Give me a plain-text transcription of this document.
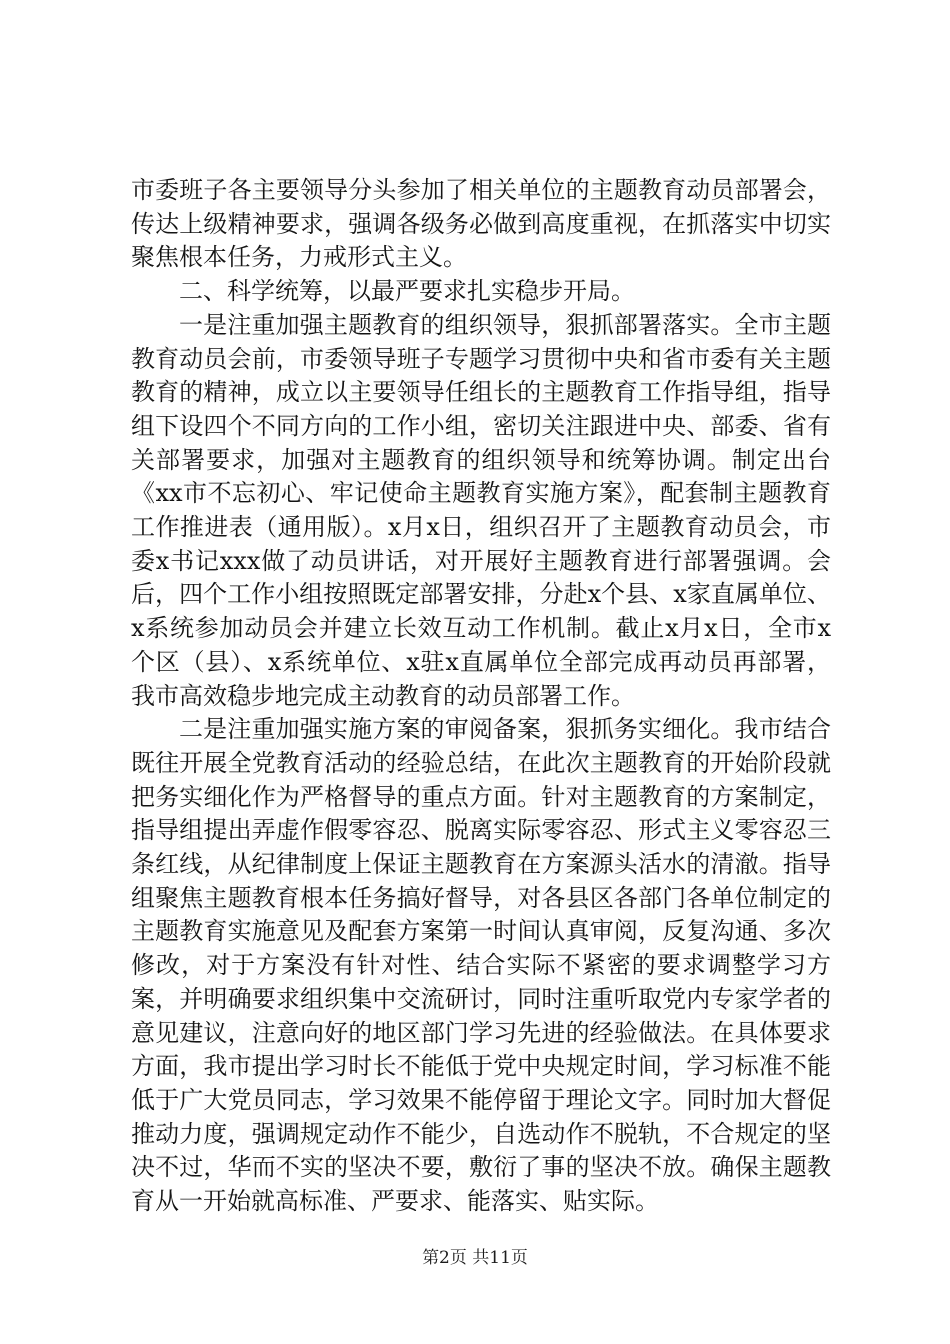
市委班子各主要领导分头参加了相关单位的主题教育动员部署会，传达上级精神要求，强调各级务必做到高度重视，在抓落实中切实聚焦根本任务，力戒形式主义。

二、科学统筹，以最严要求扎实稳步开局。

一是注重加强主题教育的组织领导，狠抓部署落实。全市主题教育动员会前，市委领导班子专题学习贯彻中央和省市委有关主题教育的精神，成立以主要领导任组长的主题教育工作指导组，指导组下设四个不同方向的工作小组，密切关注跟进中央、部委、省有关部署要求，加强对主题教育的组织领导和统筹协调。制定出台《xx市不忘初心、牢记使命主题教育实施方案》，配套制主题教育工作推进表（通用版）。x月x日，组织召开了主题教育动员会，市委x书记xxx做了动员讲话，对开展好主题教育进行部署强调。会后，四个工作小组按照既定部署安排，分赴x个县、x家直属单位、x系统参加动员会并建立长效互动工作机制。截止x月x日，全市x个区（县）、x系统单位、x驻x直属单位全部完成再动员再部署，我市高效稳步地完成主动教育的动员部署工作。

二是注重加强实施方案的审阅备案，狠抓务实细化。我市结合既往开展全党教育活动的经验总结，在此次主题教育的开始阶段就把务实细化作为严格督导的重点方面。针对主题教育的方案制定，指导组提出弄虚作假零容忍、脱离实际零容忍、形式主义零容忍三条红线，从纪律制度上保证主题教育在方案源头活水的清澈。指导组聚焦主题教育根本任务搞好督导，对各县区各部门各单位制定的主题教育实施意见及配套方案第一时间认真审阅，反复沟通、多次修改，对于方案没有针对性、结合实际不紧密的要求调整学习方案，并明确要求组织集中交流研讨，同时注重听取党内专家学者的意见建议，注意向好的地区部门学习先进的经验做法。在具体要求方面，我市提出学习时长不能低于党中央规定时间，学习标准不能低于广大党员同志，学习效果不能停留于理论文字。同时加大督促推动力度，强调规定动作不能少，自选动作不脱轨，不合规定的坚决不过，华而不实的坚决不要，敷衍了事的坚决不放。确保主题教育从一开始就高标准、严要求、能落实、贴实际。

第2页 共11页
